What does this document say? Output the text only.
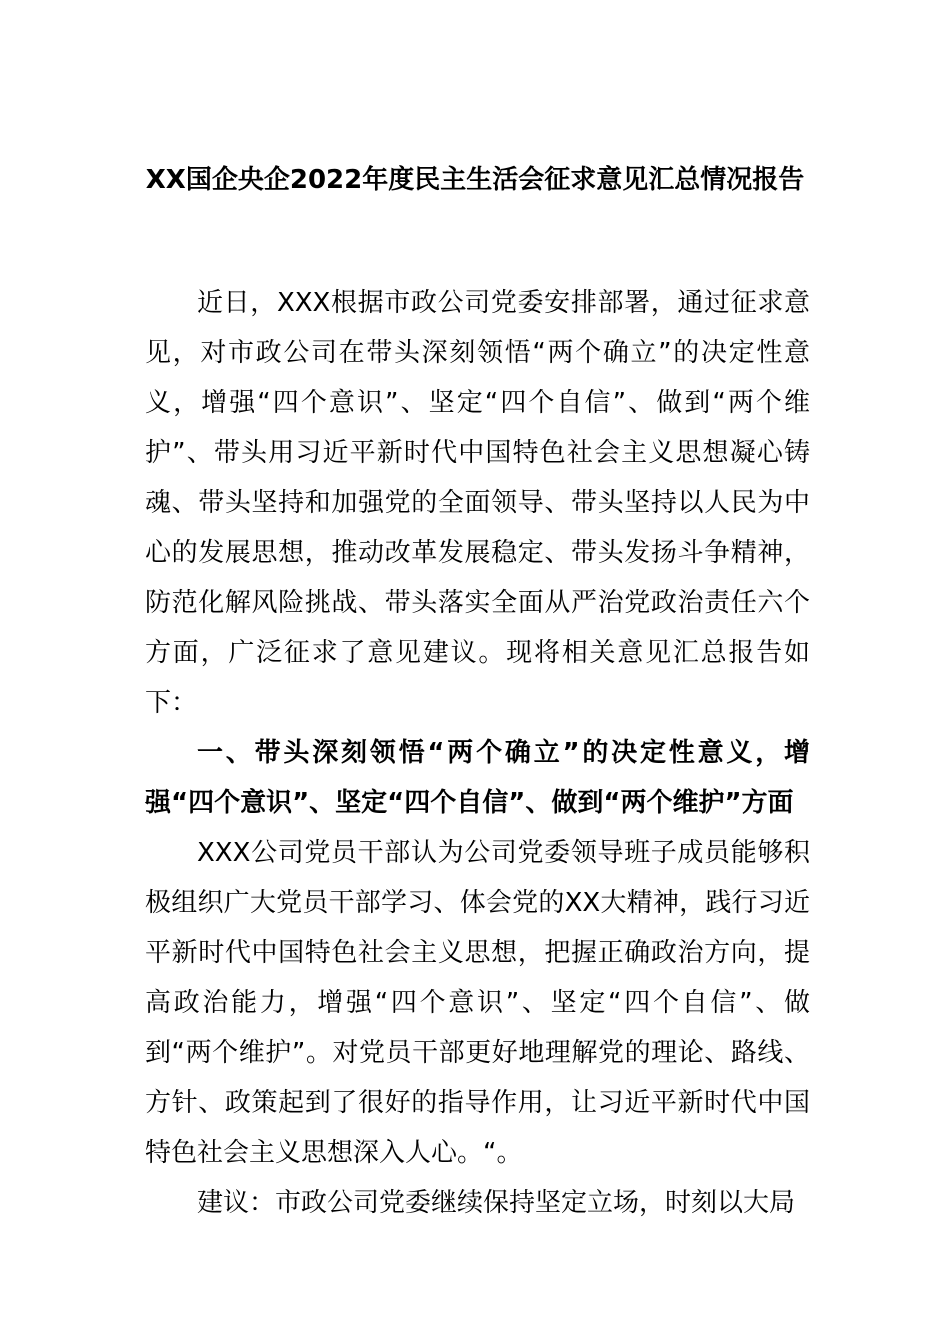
XX国企央企2022年度民主生活会征求意见汇总情况报告

近日，XXX根据市政公司党委安排部署，通过征求意见，对市政公司在带头深刻领悟“两个确立”的决定性意义，增强“四个意识”、坚定“四个自信”、做到“两个维护”、带头用习近平新时代中国特色社会主义思想凝心铸魂、带头坚持和加强党的全面领导、带头坚持以人民为中心的发展思想，推动改革发展稳定、带头发扬斗争精神，防范化解风险挑战、带头落实全面从严治党政治责任六个方面，广泛征求了意见建议。现将相关意见汇总报告如下：

一、带头深刻领悟“两个确立”的决定性意义，增强“四个意识”、坚定“四个自信”、做到“两个维护”方面

XXX公司党员干部认为公司党委领导班子成员能够积极组织广大党员干部学习、体会党的XX大精神，践行习近平新时代中国特色社会主义思想，把握正确政治方向，提高政治能力，增强“四个意识”、坚定“四个自信”、做到“两个维护”。对党员干部更好地理解党的理论、路线、方针、政策起到了很好的指导作用，让习近平新时代中国特色社会主义思想深入人心。“。

建议：市政公司党委继续保持坚定立场，时刻以大局
